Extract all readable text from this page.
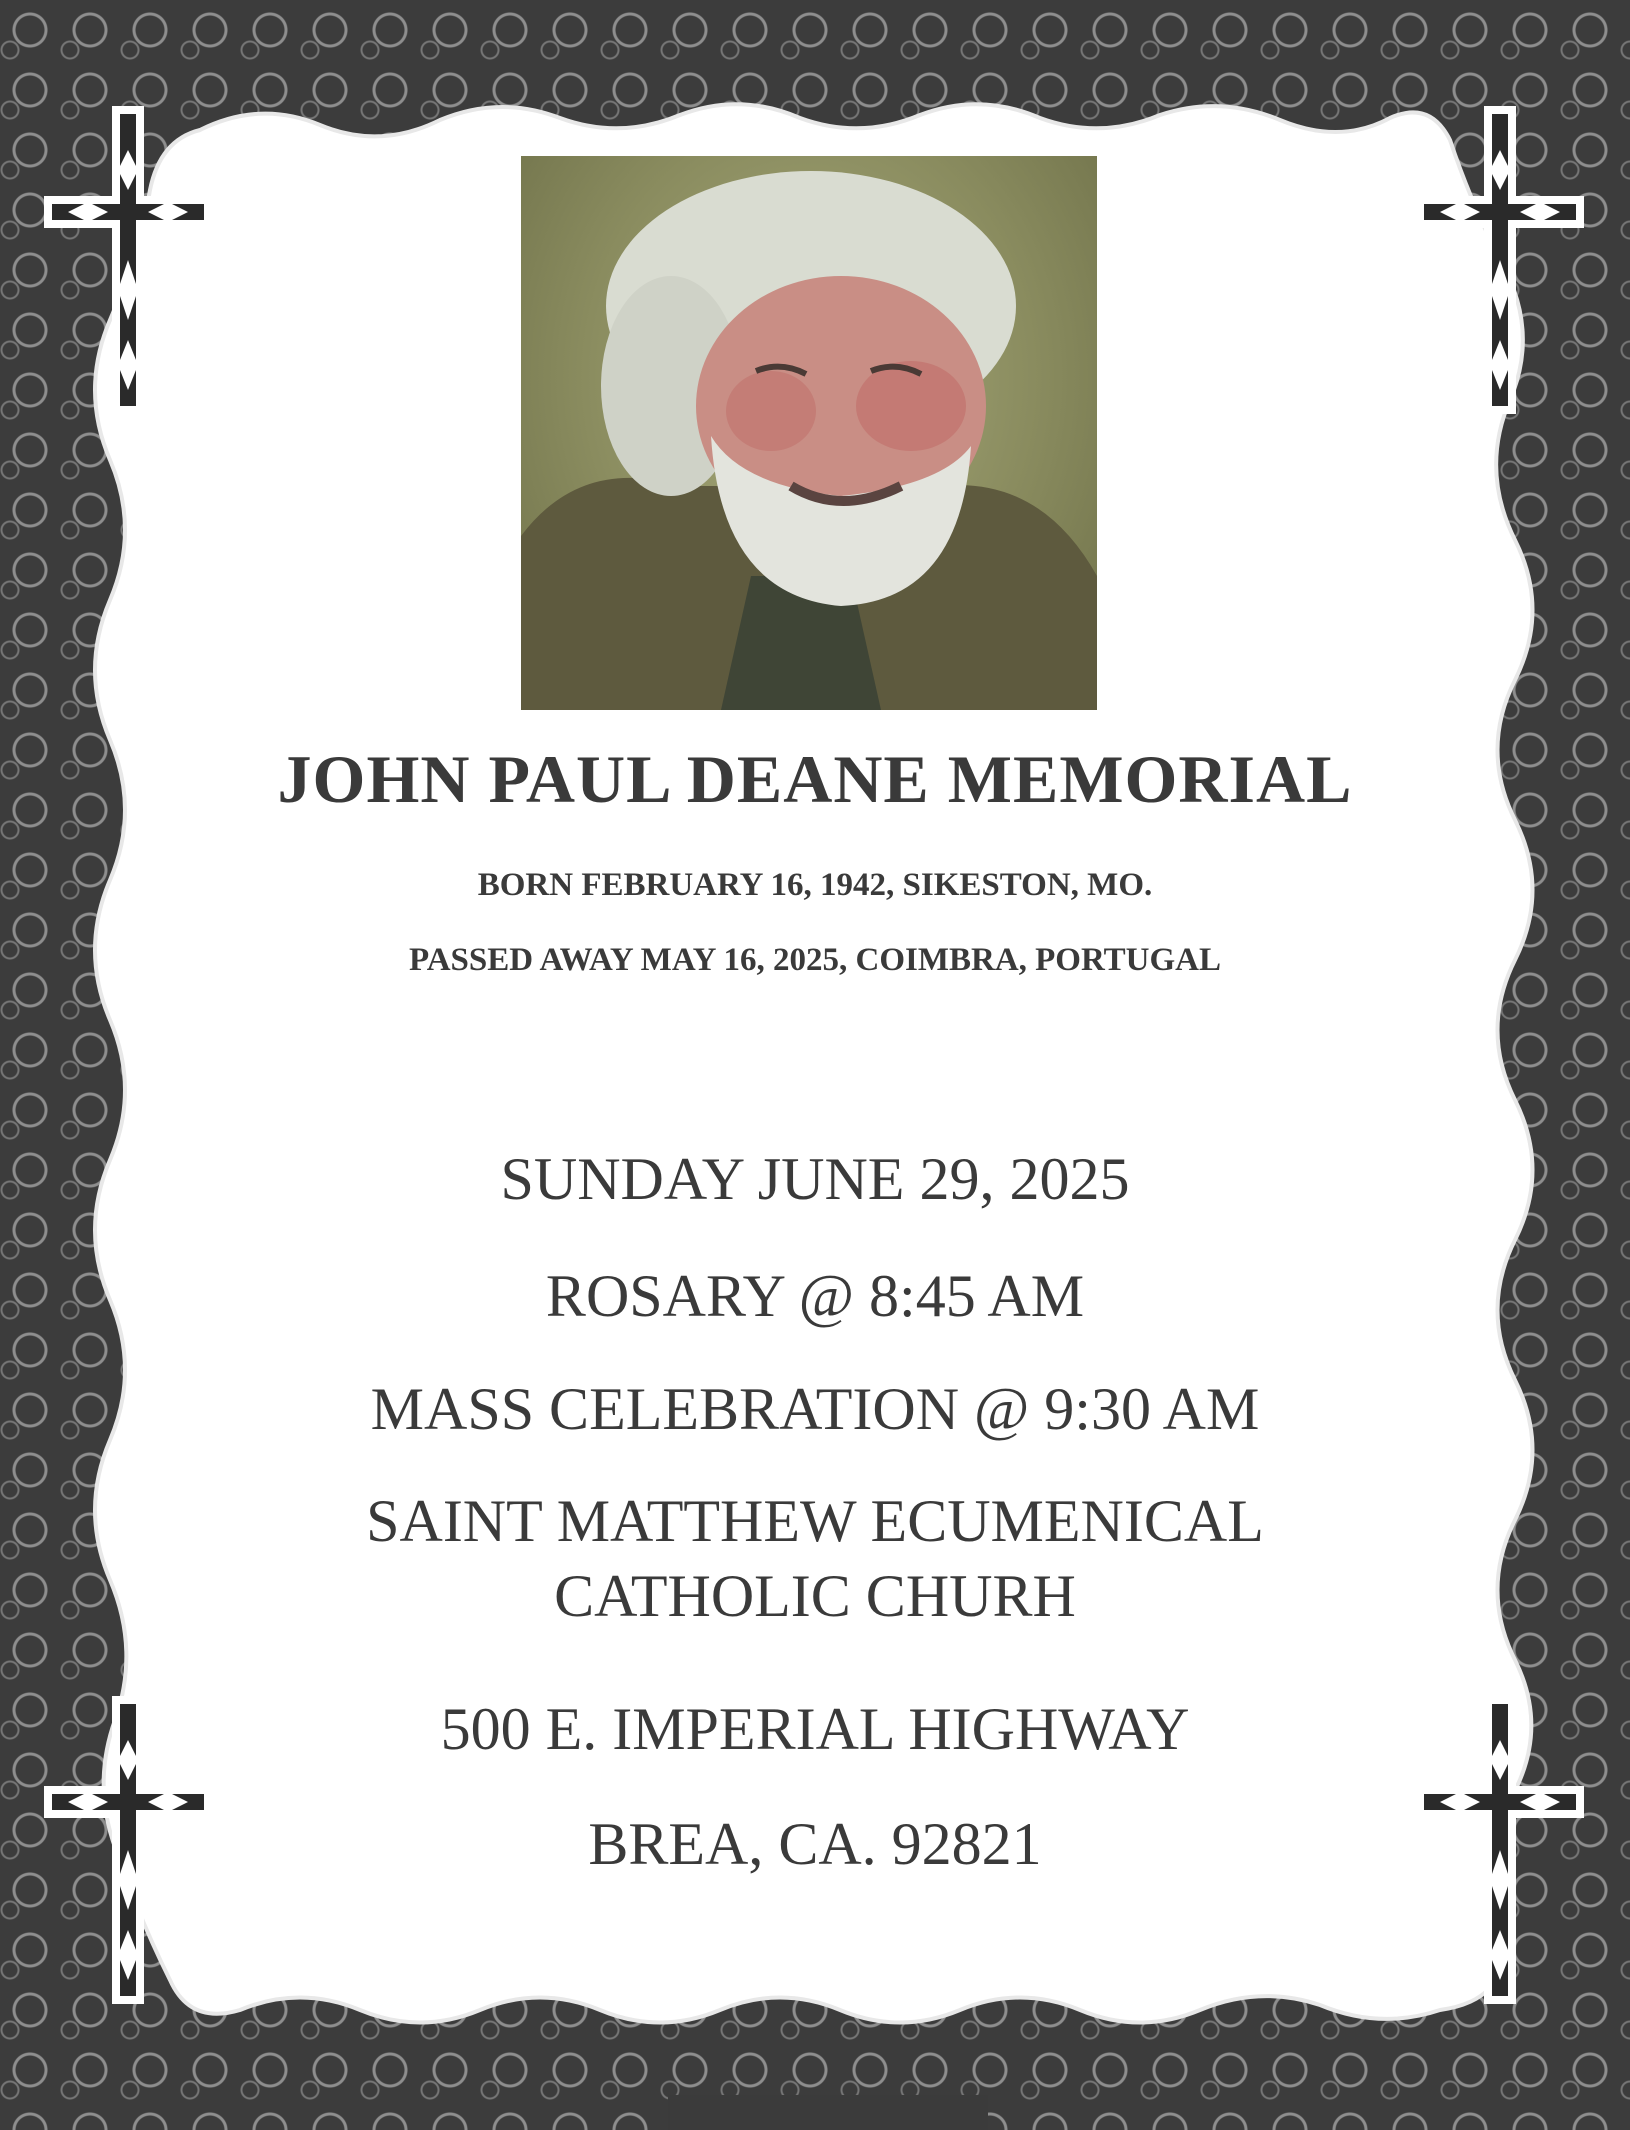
JOHN PAUL DEANE MEMORIAL
BORN FEBRUARY 16, 1942, SIKESTON, MO.
PASSED AWAY MAY 16, 2025, COIMBRA, PORTUGAL
SUNDAY JUNE 29, 2025
ROSARY @ 8:45 AM
MASS CELEBRATION @ 9:30 AM
SAINT MATTHEW ECUMENICAL
CATHOLIC CHURH
500 E. IMPERIAL HIGHWAY
BREA, CA. 92821
